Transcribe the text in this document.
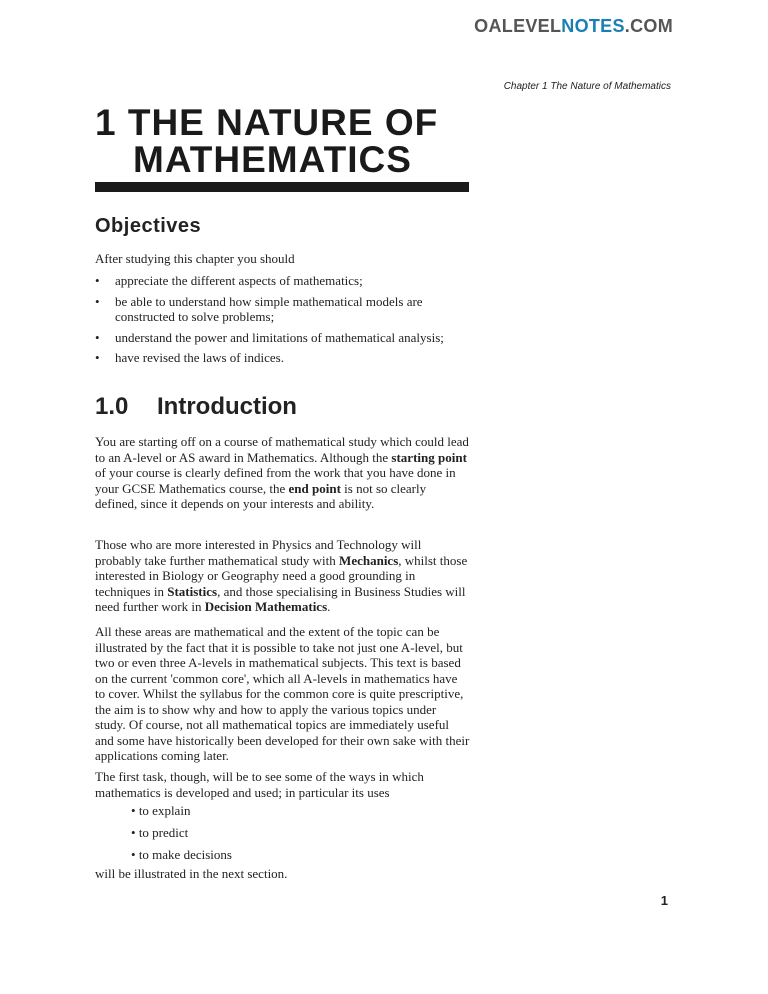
OALEVELNOTES.COM
Chapter 1 The Nature of Mathematics
1 THE NATURE OF
MATHEMATICS
Objectives

After studying this chapter you should

• appreciate the different aspects of mathematics;
• be able to understand how simple mathematical models are constructed to solve problems;
• understand the power and limitations of mathematical analysis;
• have revised the laws of indices.
1.0 Introduction

You are starting off on a course of mathematical study which could lead to an A-level or AS award in Mathematics. Although the starting point of your course is clearly defined from the work that you have done in your GCSE Mathematics course, the end point is not so clearly defined, since it depends on your interests and ability.

Those who are more interested in Physics and Technology will probably take further mathematical study with Mechanics, whilst those interested in Biology or Geography need a good grounding in techniques in Statistics, and those specialising in Business Studies will need further work in Decision Mathematics.

All these areas are mathematical and the extent of the topic can be illustrated by the fact that it is possible to take not just one A-level, but two or even three A-levels in mathematical subjects. This text is based on the current 'common core', which all A-levels in mathematics have to cover. Whilst the syllabus for the common core is quite prescriptive, the aim is to show why and how to apply the various topics under study. Of course, not all mathematical topics are immediately useful and some have historically been developed for their own sake with their applications coming later.

The first task, though, will be to see some of the ways in which mathematics is developed and used; in particular its uses

• to explain
• to predict
• to make decisions

will be illustrated in the next section.

1
